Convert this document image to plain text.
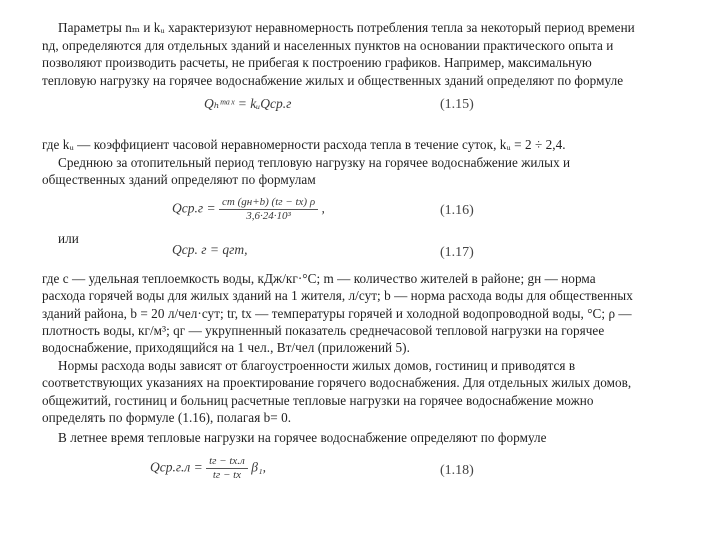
Параметры nₘ и kᵤ характеризуют неравномерность потребления тепла за некоторый период времени
nд, определяются для отдельных зданий и населенных пунктов на основании практического опыта и
позволяют производить расчеты, не прибегая к построению графиков. Например, максимальную
тепловую нагрузку на горячее водоснабжение жилых и общественных зданий определяют по формуле
Qₕᵐᵃˣ = kᵤQср.г	(1.15)
где kᵤ — коэффициент часовой неравномерности расхода тепла в течение суток, kᵤ = 2 ÷ 2,4.
Среднюю за отопительный период тепловую нагрузку на горячее водоснабжение жилых и
общественных зданий определяют по формулам
$Qср.г = \frac{cm (gн+b) (tг - tх) \rho}{\text{3,6·24·10³}}$ ,	(1.16)
или
Qср. г = qгm,	(1.17)
где c — удельная теплоемкость воды, кДж/кг·°С; m — количество жителей в районе; gн — норма
расхода горячей воды для жилых зданий на 1 жителя, л/сут; b — норма расхода воды для общественных
зданий района, b = 20 л/чел·сут; tг, tх — температуры горячей и холодной водопроводной воды, °С; ρ —
плотность воды, кг/м³; qг — укрупненный показатель среднечасовой тепловой нагрузки на горячее
водоснабжение, приходящийся на 1 чел., Вт/чел (приложений 5).
Нормы расхода воды зависят от благоустроенности жилых домов, гостиниц и приводятся в
соответствующих указаниях на проектирование горячего водоснабжения. Для отдельных жилых домов,
общежитий, гостиниц и больниц расчетные тепловые нагрузки на горячее водоснабжение можно
определять по формуле (1.16), полагая b= 0.
В летнее время тепловые нагрузки на горячее водоснабжение определяют по формуле
$Qср.г.л = \frac{tг - tх.л}{tг - tх} \beta_1$,	(1.18)
